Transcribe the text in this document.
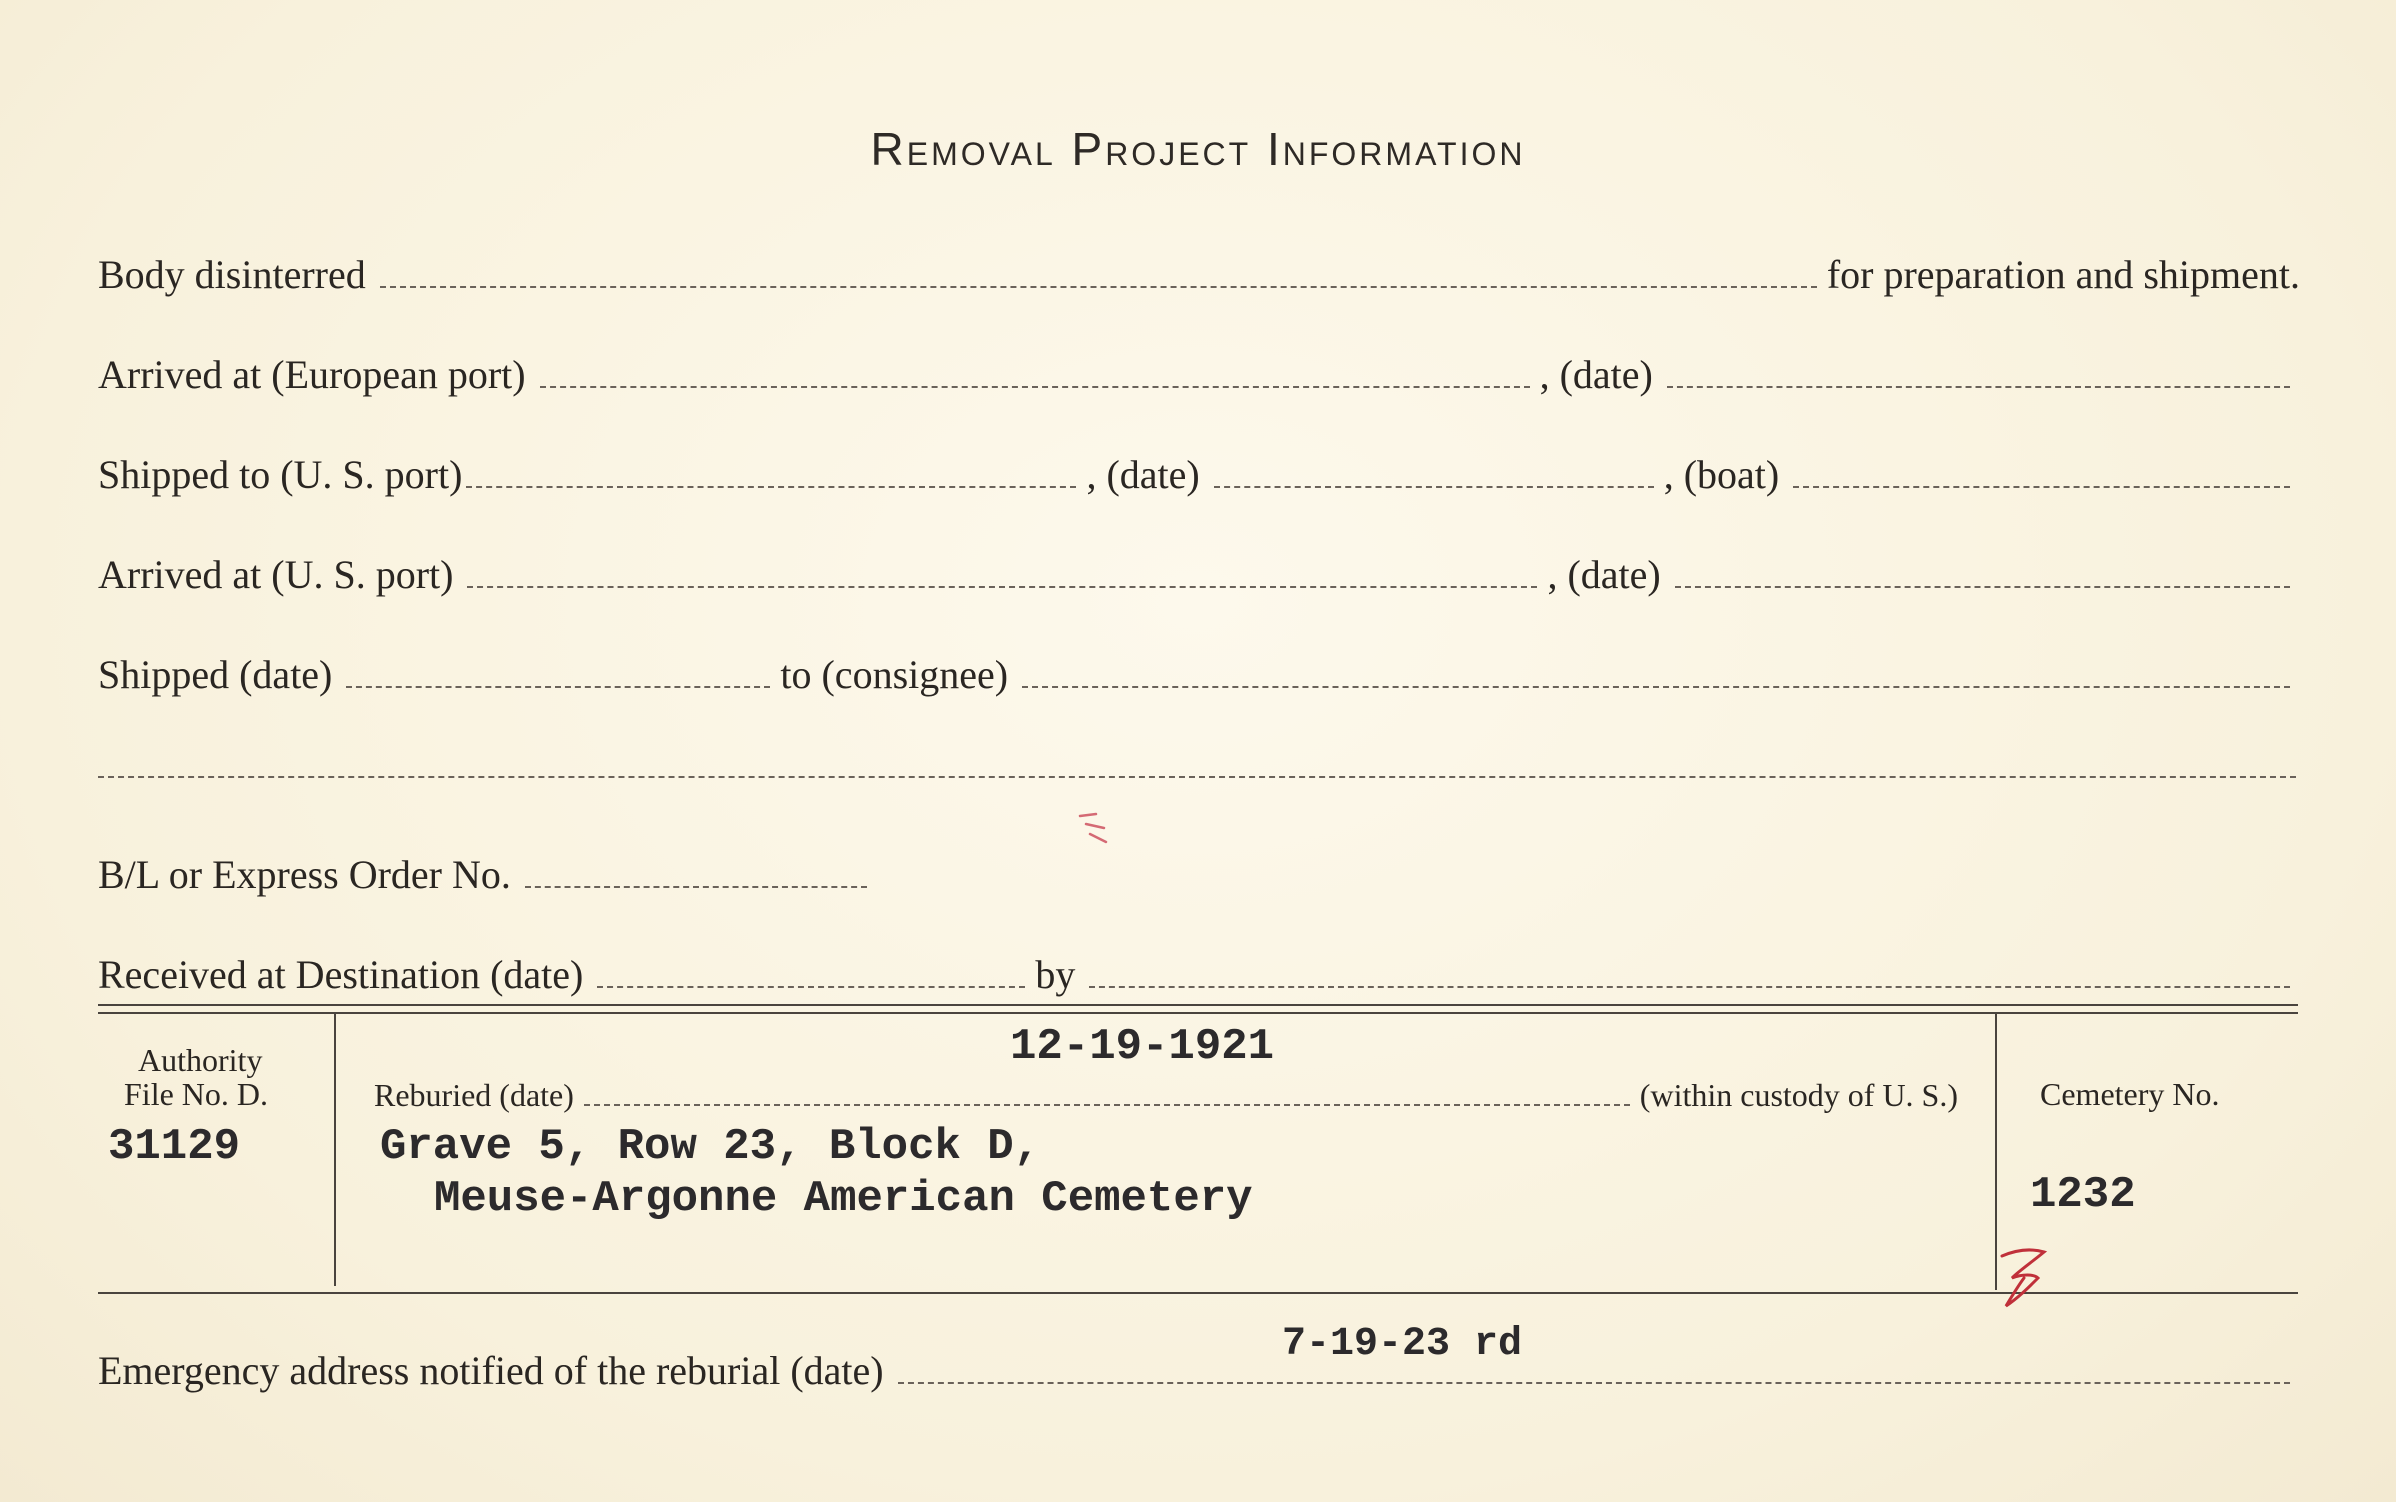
Removal Project Information
Body disinterred	for preparation and shipment.
Arrived at (European port)	, (date)
Shipped to (U. S. port)	, (date)	, (boat)
Arrived at (U. S. port)	, (date)
Shipped (date)	to (consignee)
B/L or Express Order No.
Received at Destination (date)	by
Authority
File No. D.
31129
12-19-1921
Reburied (date)	(within custody of U. S.)
Grave 5, Row 23, Block D,
Meuse-Argonne American Cemetery
Cemetery No.
1232
Emergency address notified of the reburial (date)
7-19-23 rd
